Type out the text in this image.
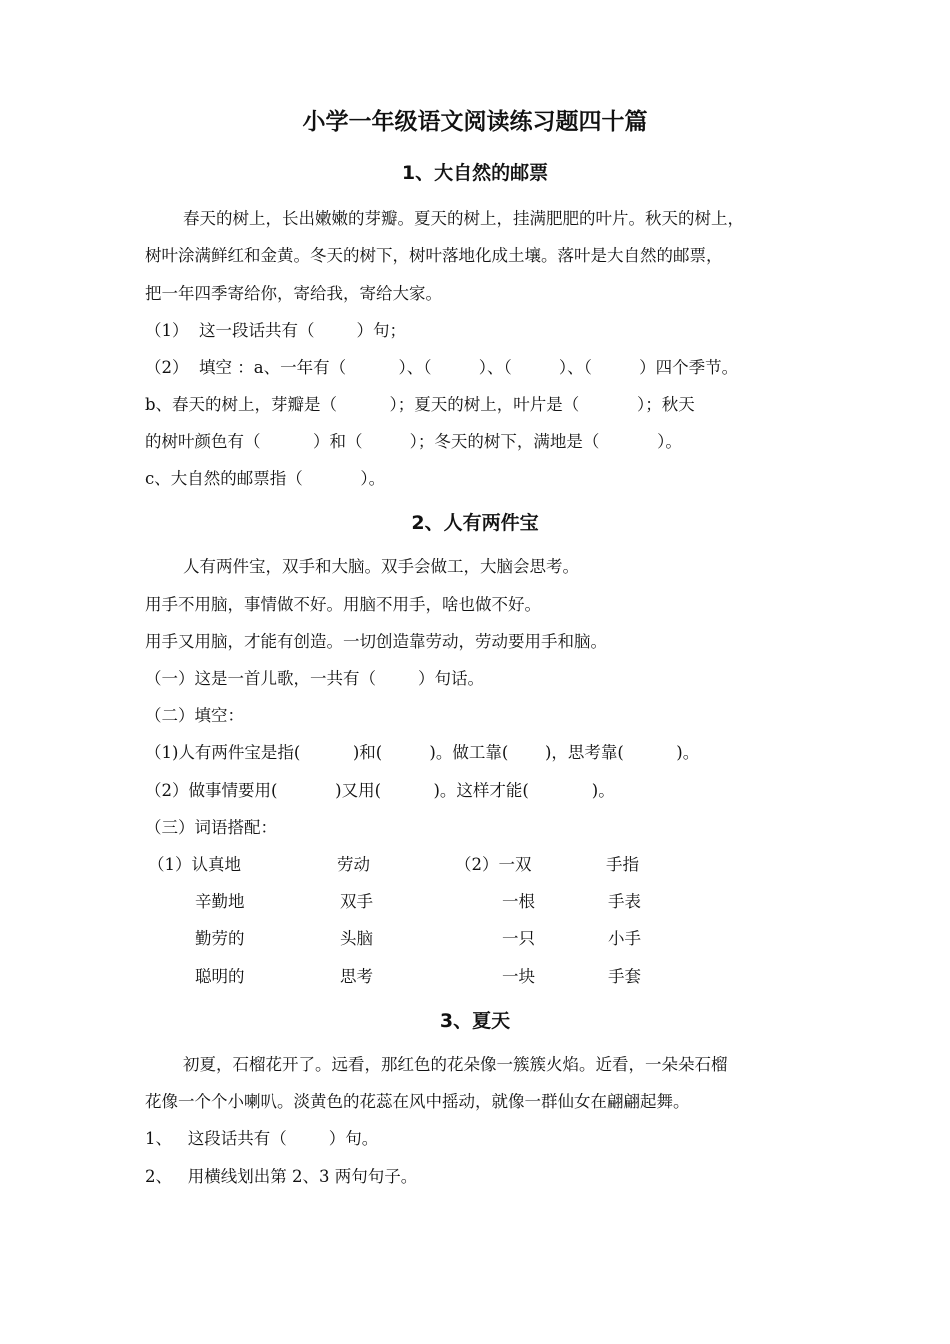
小学一年级语文阅读练习题四十篇
1、大自然的邮票
春天的树上，长出嫩嫩的芽瓣。夏天的树上，挂满肥肥的叶片。秋天的树上，
树叶涂满鲜红和金黄。冬天的树下，树叶落地化成土壤。落叶是大自然的邮票，
把一年四季寄给你，寄给我，寄给大家。
（1）  这一段话共有（        ）句；
（2）  填空 ：a、一年有（          ）、（         ）、（         ）、（         ）四个季节。
b、春天的树上，芽瓣是（          ）；夏天的树上，叶片是（           ）；秋天
的树叶颜色有（          ）和（         ）；冬天的树下，满地是（           ）。
c、大自然的邮票指（           ）。
2、人有两件宝
人有两件宝，双手和大脑。双手会做工，大脑会思考。
用手不用脑，事情做不好。用脑不用手，啥也做不好。
用手又用脑，才能有创造。一切创造靠劳动，劳动要用手和脑。
（一）这是一首儿歌，一共有（        ）句话。
（二）填空：
（1)人有两件宝是指(          )和(         )。做工靠(       )，思考靠(          )。
（2）做事情要用(           )又用(          )。这样才能(            )。
（三）词语搭配：
（1）认真地
辛勤地
勤劳的
聪明的
劳动
双手
头脑
思考
（2）一双
一根
一只
一块
手指
手表
小手
手套
3、夏天
初夏，石榴花开了。远看，那红色的花朵像一簇簇火焰。近看，一朵朵石榴
花像一个个小喇叭。淡黄色的花蕊在风中摇动，就像一群仙女在翩翩起舞。
1、   这段话共有（        ）句。
2、   用横线划出第 2、3 两句句子。
